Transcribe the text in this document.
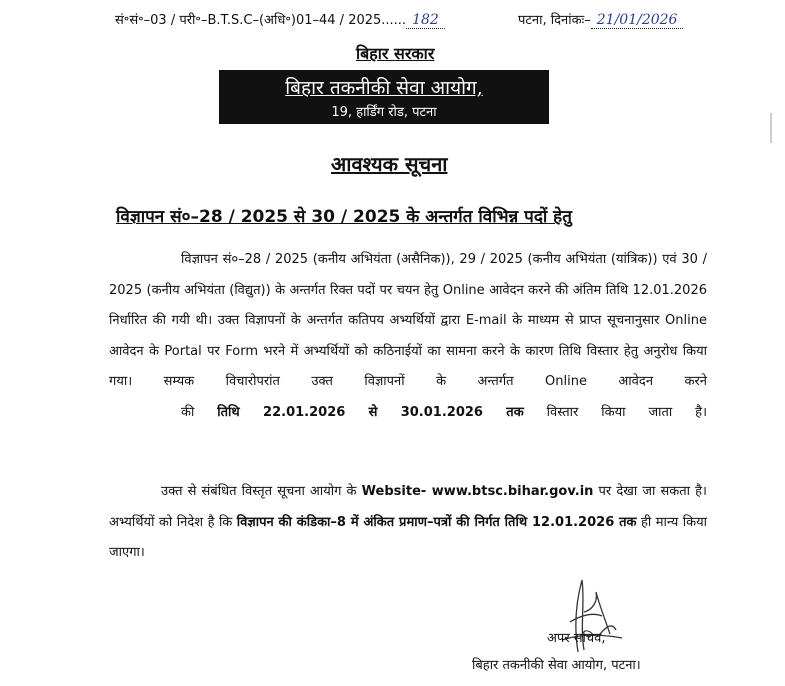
सं॰सं॰–03 / परी॰–B.T.S.C–(अधि॰)01–44 / 2025...... 182	पटना, दिनांकः– 21/01/2026
बिहार सरकार
बिहार तकनीकी सेवा आयोग,
19, हार्डिंग रोड, पटना
आवश्यक सूचना
विज्ञापन सं०–28 / 2025 से 30 / 2025 के अन्तर्गत विभिन्न पदों हेतु

विज्ञापन सं०–28 / 2025 (कनीय अभियंता (असैनिक)), 29 / 2025 (कनीय अभियंता (यांत्रिक)) एवं 30 / 2025 (कनीय अभियंता (विद्युत)) के अन्तर्गत रिक्त पदों पर चयन हेतु Online आवेदन करने की अंतिम तिथि 12.01.2026 निर्धारित की गयी थी। उक्त विज्ञापनों के अन्तर्गत कतिपय अभ्यर्थियों द्वारा E-mail के माध्यम से प्राप्त सूचनानुसार Online आवेदन के Portal पर Form भरने में अभ्यर्थियों को कठिनाईयों का सामना करने के कारण तिथि विस्तार हेतु अनुरोध किया गया। सम्यक विचारोपरांत उक्त विज्ञापनों के अन्तर्गत Online आवेदन करने
की तिथि 22.01.2026 से 30.01.2026 तक विस्तार किया जाता है।

उक्त से संबंधित विस्तृत सूचना आयोग के Website- www.btsc.bihar.gov.in पर देखा जा सकता है। अभ्यर्थियों को निदेश है कि विज्ञापन की कंडिका–8 में अंकित प्रमाण–पत्रों की निर्गत तिथि 12.01.2026 तक ही मान्य किया जाएगा।

अपर सचिव,
बिहार तकनीकी सेवा आयोग, पटना।
